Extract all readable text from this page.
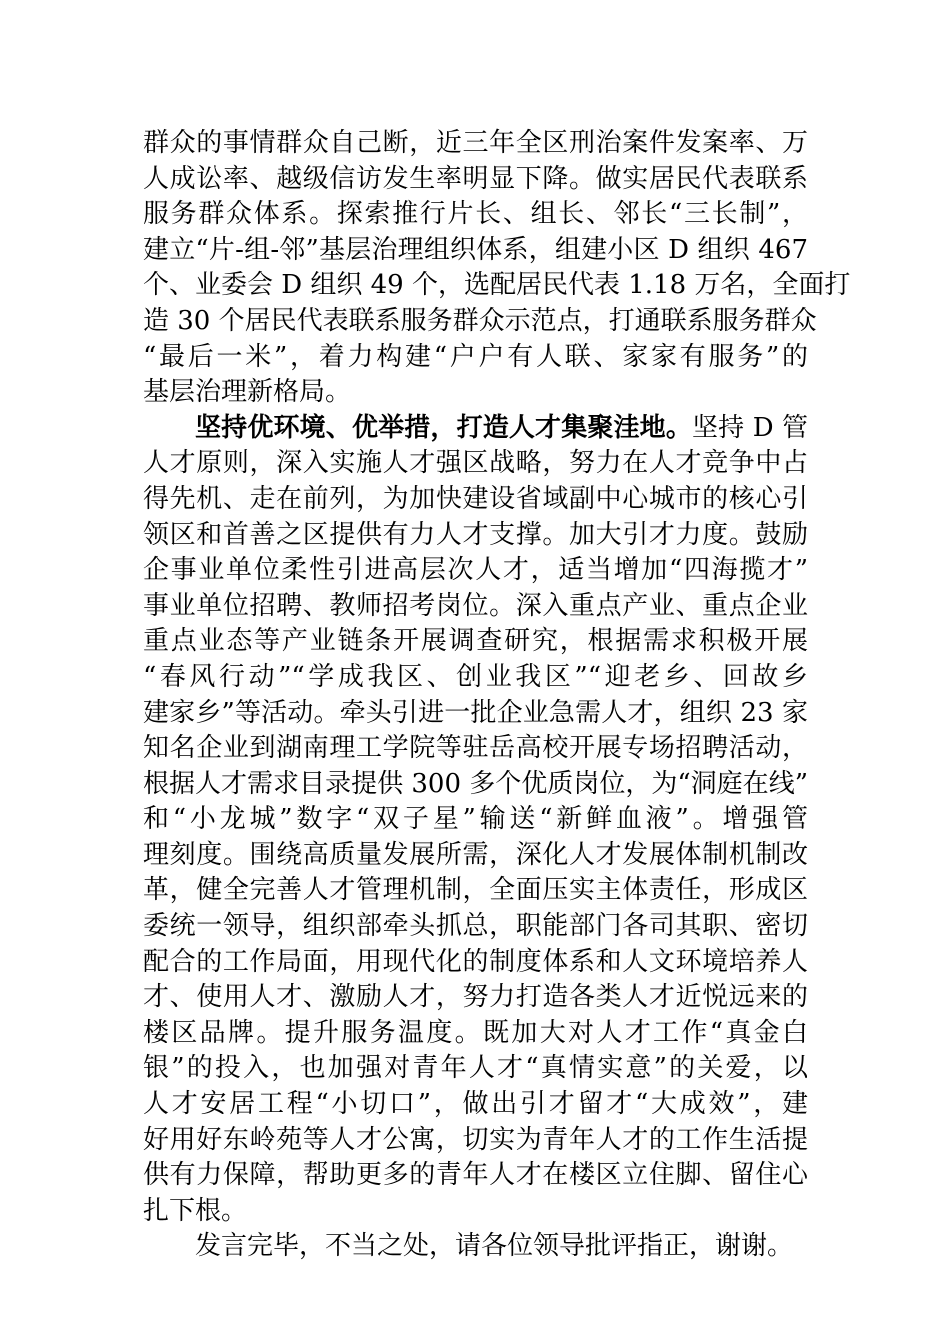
群众的事情群众自己断，近三年全区刑治案件发案率、万
人成讼率、越级信访发生率明显下降。做实居民代表联系
服务群众体系。探索推行片长、组长、邻长“三长制”，
建立“片-组-邻”基层治理组织体系，组建小区 D 组织 467
个、业委会 D 组织 49 个，选配居民代表 1.18 万名，全面打
造 30 个居民代表联系服务群众示范点，打通联系服务群众
“最后一米”，着力构建“户户有人联、家家有服务”的
基层治理新格局。
坚持优环境、优举措，打造人才集聚洼地。坚持 D 管
人才原则，深入实施人才强区战略，努力在人才竞争中占
得先机、走在前列，为加快建设省域副中心城市的核心引
领区和首善之区提供有力人才支撑。加大引才力度。鼓励
企事业单位柔性引进高层次人才，适当增加“四海揽才”
事业单位招聘、教师招考岗位。深入重点产业、重点企业
重点业态等产业链条开展调查研究，根据需求积极开展
“春风行动”“学成我区、创业我区”“迎老乡、回故乡
建家乡”等活动。牵头引进一批企业急需人才，组织 23 家
知名企业到湖南理工学院等驻岳高校开展专场招聘活动，
根据人才需求目录提供 300 多个优质岗位，为“洞庭在线”
和“小龙城”数字“双子星”输送“新鲜血液”。增强管
理刻度。围绕高质量发展所需，深化人才发展体制机制改
革，健全完善人才管理机制，全面压实主体责任，形成区
委统一领导，组织部牵头抓总，职能部门各司其职、密切
配合的工作局面，用现代化的制度体系和人文环境培养人
才、使用人才、激励人才，努力打造各类人才近悦远来的
楼区品牌。提升服务温度。既加大对人才工作“真金白
银”的投入，也加强对青年人才“真情实意”的关爱，以
人才安居工程“小切口”，做出引才留才“大成效”，建
好用好东岭苑等人才公寓，切实为青年人才的工作生活提
供有力保障，帮助更多的青年人才在楼区立住脚、留住心
扎下根。
发言完毕，不当之处，请各位领导批评指正，谢谢。
